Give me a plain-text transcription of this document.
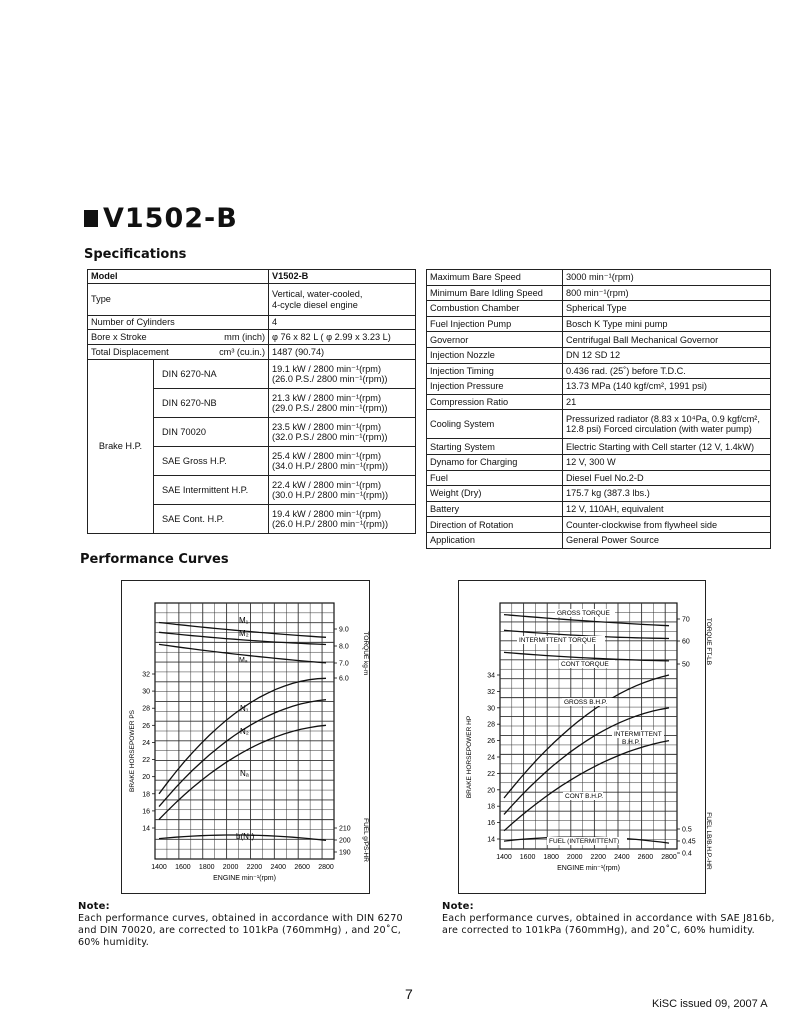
V1502-B
Specifications
Model		V1502-B
Type		Vertical, water-cooled,
4-cycle diesel engine
Number of Cylinders		4
Bore x Stroke mm (inch)		φ 76 x 82 L ( φ 2.99 x 3.23 L)
Total Displacement cm³ (cu.in.)		1487 (90.74)
Brake H.P.	DIN 6270-NA	19.1 kW / 2800 min⁻¹(rpm)
(26.0 P.S./ 2800 min⁻¹(rpm))
	DIN 6270-NB	21.3 kW / 2800 min⁻¹(rpm)
(29.0 P.S./ 2800 min⁻¹(rpm))
	DIN 70020	23.5 kW / 2800 min⁻¹(rpm)
(32.0 P.S./ 2800 min⁻¹(rpm))
	SAE Gross H.P.	25.4 kW / 2800 min⁻¹(rpm)
(34.0 H.P./ 2800 min⁻¹(rpm))
	SAE Intermittent H.P.	22.4 kW / 2800 min⁻¹(rpm)
(30.0 H.P./ 2800 min⁻¹(rpm))
	SAE Cont. H.P.	19.4 kW / 2800 min⁻¹(rpm)
(26.0 H.P./ 2800 min⁻¹(rpm))
Maximum Bare Speed	3000 min⁻¹(rpm)
Minimum Bare Idling Speed	800 min⁻¹(rpm)
Combustion Chamber	Spherical Type
Fuel Injection Pump	Bosch K Type mini pump
Governor	Centrifugal Ball Mechanical Governor
Injection Nozzle	DN 12 SD 12
Injection Timing	0.436 rad. (25˚) before T.D.C.
Injection Pressure	13.73 MPa (140 kgf/cm², 1991 psi)
Compression Ratio	21
Cooling System	Pressurized radiator (8.83 x 10⁴Pa, 0.9 kgf/cm²,
12.8 psi) Forced circulation (with water pump)
Starting System	Electric Starting with Cell starter (12 V, 1.4kW)
Dynamo for Charging	12 V, 300 W
Fuel	Diesel Fuel No.2-D
Weight (Dry)	175.7 kg (387.3 lbs.)
Battery	12 V, 110AH, equivalent
Direction of Rotation	Counter-clockwise from flywheel side
Application	General Power Source
Performance Curves
1400 1600 1800 2000 2200 2400 2600 2800
ENGINE min⁻¹(rpm)
14
16
18
20
22
24
26
28
30
32
BRAKE HORSEPOWER PS
9.0
8.0
7.0
6.0
TORQUE kg-m
210
200
190 FUEL g/PS-HR
M₁
M₂
Mₐ
N₁
N₂
Nₐ
b(N₁)
1400 1600 1800 2000 2200 2400 2600 2800
ENGINE min⁻¹(rpm)
14
16
18
20
22
24
26
28
30
32
34
BRAKE HORSEPOWER HP
70
60
50 TORQUE FT-LB
0.5
0.45
0.4 FUEL LB/B.H.P.-HR
GROSS TORQUE
INTERMITTENT TORQUE
CONT TORQUE
GROSS B.H.P.
INTERMITTENT
B.H.P.
CONT B.H.P.
FUEL (INTERMITTENT)
Note:
Each performance curves, obtained in accordance with DIN 6270
and DIN 70020, are corrected to 101kPa (760mmHg) , and 20˚C,
60% humidity.
Note:
Each performance curves, obtained in accordance with SAE J816b,
are corrected to 101kPa (760mmHg), and 20˚C, 60% humidity.
7
KiSC issued 09, 2007 A
